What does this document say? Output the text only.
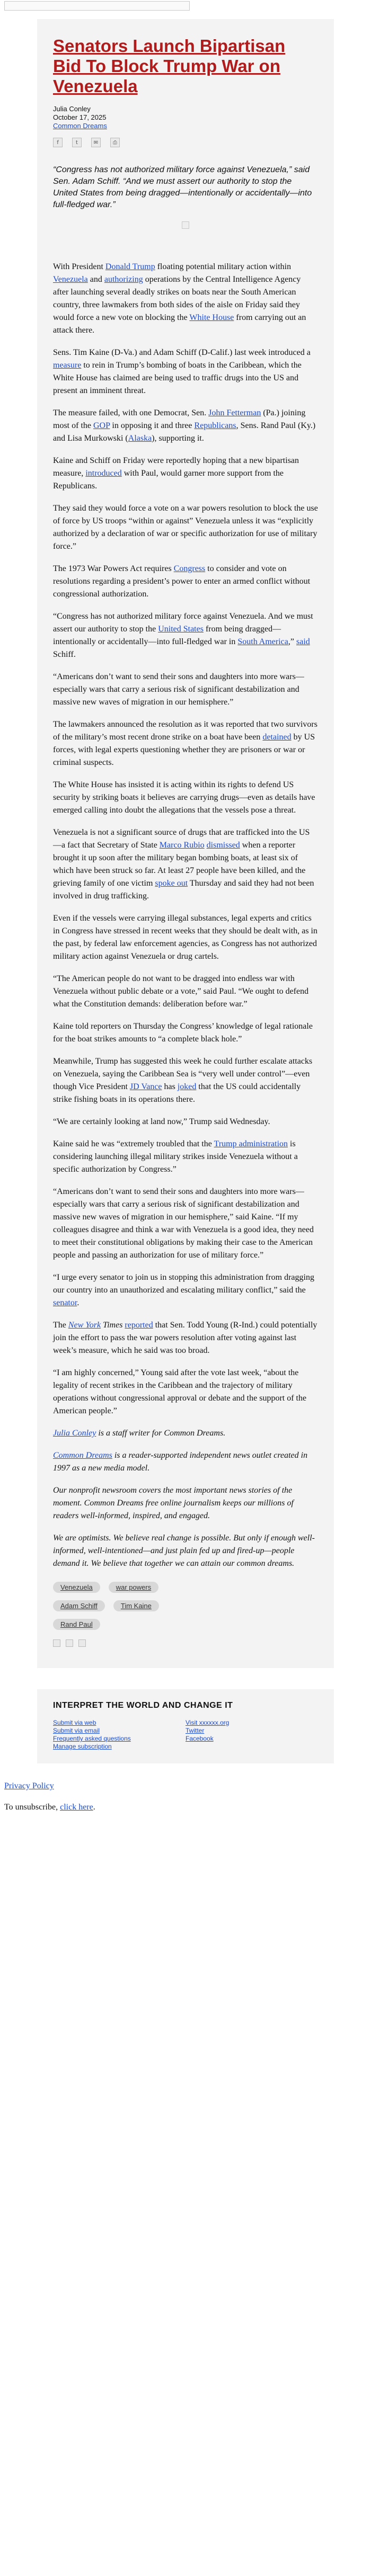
Senators Launch Bipartisan Bid To Block Trump War on Venezuela
Julia Conley
October 17, 2025
Common Dreams
f	t	✉	⎙

“Congress has not authorized military force against Venezuela,” said Sen. Adam Schiff. “And we must assert our authority to stop the United States from being dragged—intentionally or accidentally—into full-fledged war.”

With President Donald Trump floating potential military action within Venezuela and authorizing operations by the Central Intelligence Agency after launching several deadly strikes on boats near the South American country, three lawmakers from both sides of the aisle on Friday said they would force a new vote on blocking the White House from carrying out an attack there.

Sens. Tim Kaine (D-Va.) and Adam Schiff (D-Calif.) last week introduced a measure to rein in Trump’s bombing of boats in the Caribbean, which the White House has claimed are being used to traffic drugs into the US and present an imminent threat.

The measure failed, with one Democrat, Sen. John Fetterman (Pa.) joining most of the GOP in opposing it and three Republicans, Sens. Rand Paul (Ky.) and Lisa Murkowski (Alaska), supporting it.

Kaine and Schiff on Friday were reportedly hoping that a new bipartisan measure, introduced with Paul, would garner more support from the Republicans.

They said they would force a vote on a war powers resolution to block the use of force by US troops “within or against” Venezuela unless it was “explicitly authorized by a declaration of war or specific authorization for use of military force.”

The 1973 War Powers Act requires Congress to consider and vote on resolutions regarding a president’s power to enter an armed conflict without congressional authorization.

“Congress has not authorized military force against Venezuela. And we must assert our authority to stop the United States from being dragged—intentionally or accidentally—into full-fledged war in South America,” said Schiff.

“Americans don’t want to send their sons and daughters into more wars—especially wars that carry a serious risk of significant destabilization and massive new waves of migration in our hemisphere.”

The lawmakers announced the resolution as it was reported that two survivors of the military’s most recent drone strike on a boat have been detained by US forces, with legal experts questioning whether they are prisoners or war or criminal suspects.

The White House has insisted it is acting within its rights to defend US security by striking boats it believes are carrying drugs—even as details have emerged calling into doubt the allegations that the vessels pose a threat.

Venezuela is not a significant source of drugs that are trafficked into the US—a fact that Secretary of State Marco Rubio dismissed when a reporter brought it up soon after the military began bombing boats, at least six of which have been struck so far. At least 27 people have been killed, and the grieving family of one victim spoke out Thursday and said they had not been involved in drug trafficking.

Even if the vessels were carrying illegal substances, legal experts and critics in Congress have stressed in recent weeks that they should be dealt with, as in the past, by federal law enforcement agencies, as Congress has not authorized military action against Venezuela or drug cartels.

“The American people do not want to be dragged into endless war with Venezuela without public debate or a vote,” said Paul. “We ought to defend what the Constitution demands: deliberation before war.”

Kaine told reporters on Thursday the Congress’ knowledge of legal rationale for the boat strikes amounts to “a complete black hole.”

Meanwhile, Trump has suggested this week he could further escalate attacks on Venezuela, saying the Caribbean Sea is “very well under control”—even though Vice President JD Vance has joked that the US could accidentally strike fishing boats in its operations there.

“We are certainly looking at land now,” Trump said Wednesday.

Kaine said he was “extremely troubled that the Trump administration is considering launching illegal military strikes inside Venezuela without a specific authorization by Congress.”

“Americans don’t want to send their sons and daughters into more wars—especially wars that carry a serious risk of significant destabilization and massive new waves of migration in our hemisphere,” said Kaine. “If my colleagues disagree and think a war with Venezuela is a good idea, they need to meet their constitutional obligations by making their case to the American people and passing an authorization for use of military force.”

“I urge every senator to join us in stopping this administration from dragging our country into an unauthorized and escalating military conflict,” said the senator.

The New York Times reported that Sen. Todd Young (R-Ind.) could potentially join the effort to pass the war powers resolution after voting against last week’s measure, which he said was too broad.

“I am highly concerned,” Young said after the vote last week, “about the legality of recent strikes in the Caribbean and the trajectory of military operations without congressional approval or debate and the support of the American people.”

Julia Conley is a staff writer for Common Dreams.

Common Dreams is a reader-supported independent news outlet created in 1997 as a new media model.

Our nonprofit newsroom covers the most important news stories of the moment. Common Dreams free online journalism keeps our millions of readers well-informed, inspired, and engaged.

We are optimists. We believe real change is possible. But only if enough well-informed, well-intentioned—and just plain fed up and fired-up—people demand it. We believe that together we can attain our common dreams.

Venezuela	war powers
Adam Schiff	Tim Kaine
Rand Paul
INTERPRET THE WORLD AND CHANGE IT
Submit via web
Submit via email
Frequently asked questions
Manage subscription
Visit xxxxxx.org
Twitter
Facebook

Privacy Policy

To unsubscribe, click here.
